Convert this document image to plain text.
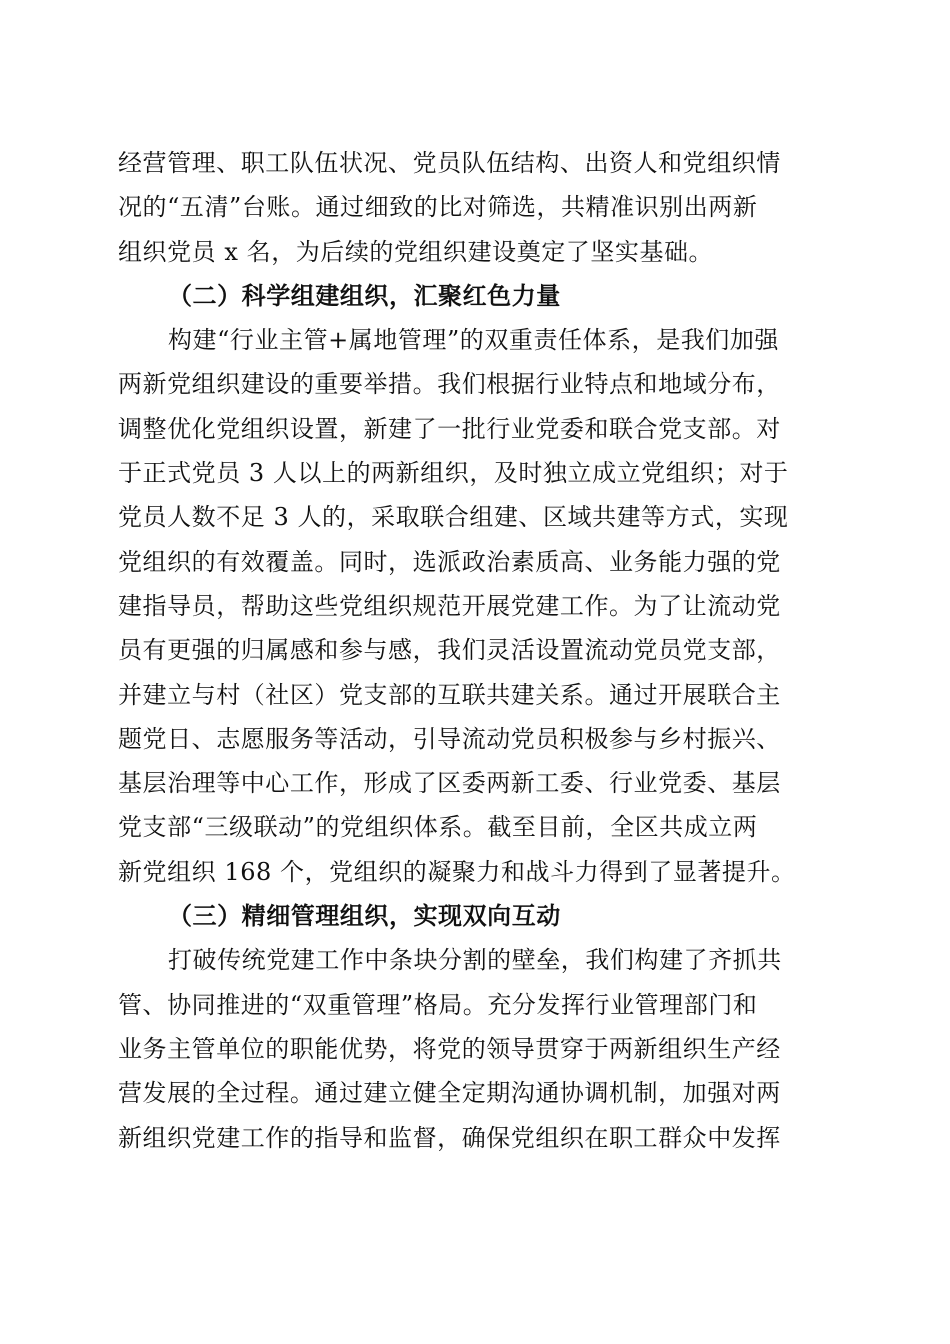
经营管理、职工队伍状况、党员队伍结构、出资人和党组织情
况的“五清”台账。通过细致的比对筛选，共精准识别出两新
组织党员 x 名，为后续的党组织建设奠定了坚实基础。
（二）科学组建组织，汇聚红色力量
构建“行业主管+属地管理”的双重责任体系，是我们加强
两新党组织建设的重要举措。我们根据行业特点和地域分布，
调整优化党组织设置，新建了一批行业党委和联合党支部。对
于正式党员 3 人以上的两新组织，及时独立成立党组织；对于
党员人数不足 3 人的，采取联合组建、区域共建等方式，实现
党组织的有效覆盖。同时，选派政治素质高、业务能力强的党
建指导员，帮助这些党组织规范开展党建工作。为了让流动党
员有更强的归属感和参与感，我们灵活设置流动党员党支部，
并建立与村（社区）党支部的互联共建关系。通过开展联合主
题党日、志愿服务等活动，引导流动党员积极参与乡村振兴、
基层治理等中心工作，形成了区委两新工委、行业党委、基层
党支部“三级联动”的党组织体系。截至目前，全区共成立两
新党组织 168 个，党组织的凝聚力和战斗力得到了显著提升。
（三）精细管理组织，实现双向互动
打破传统党建工作中条块分割的壁垒，我们构建了齐抓共
管、协同推进的“双重管理”格局。充分发挥行业管理部门和
业务主管单位的职能优势，将党的领导贯穿于两新组织生产经
营发展的全过程。通过建立健全定期沟通协调机制，加强对两
新组织党建工作的指导和监督，确保党组织在职工群众中发挥
